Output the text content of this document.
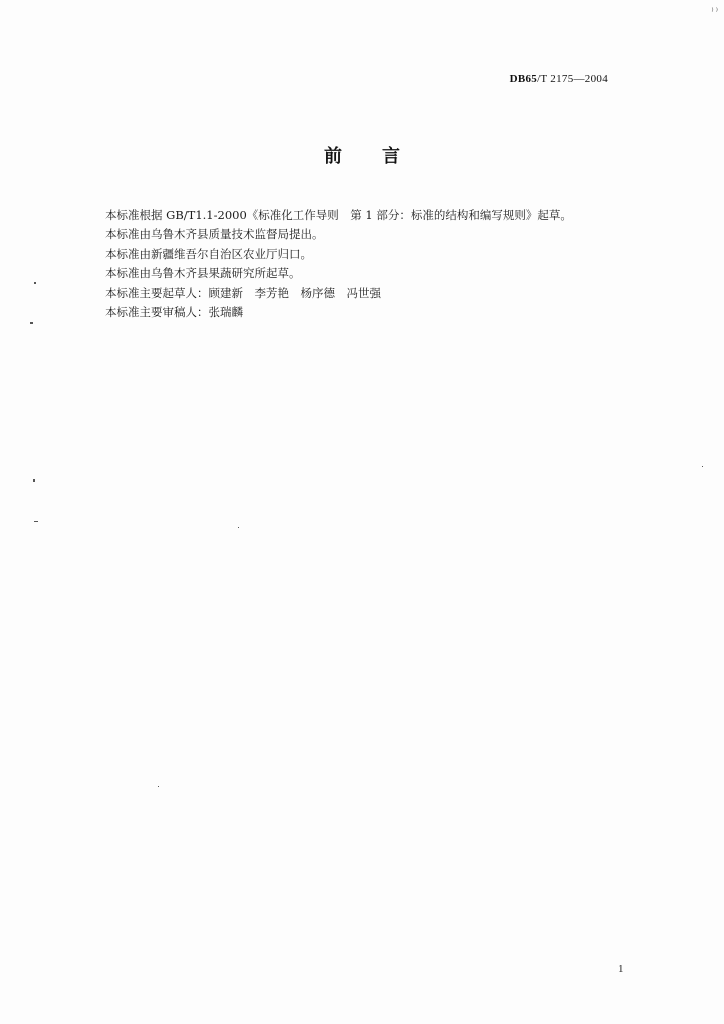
⁾ ⁾
DB65/T 2175—2004
前言
本标准根据 GB/T1.1-2000《标准化工作导则　第 1 部分：标准的结构和编写规则》起草。
本标准由乌鲁木齐县质量技术监督局提出。
本标准由新疆维吾尔自治区农业厅归口。
本标准由乌鲁木齐县果蔬研究所起草。
本标准主要起草人：顾建新　李芳艳　杨序德　冯世强
本标准主要审稿人：张瑞麟
1
